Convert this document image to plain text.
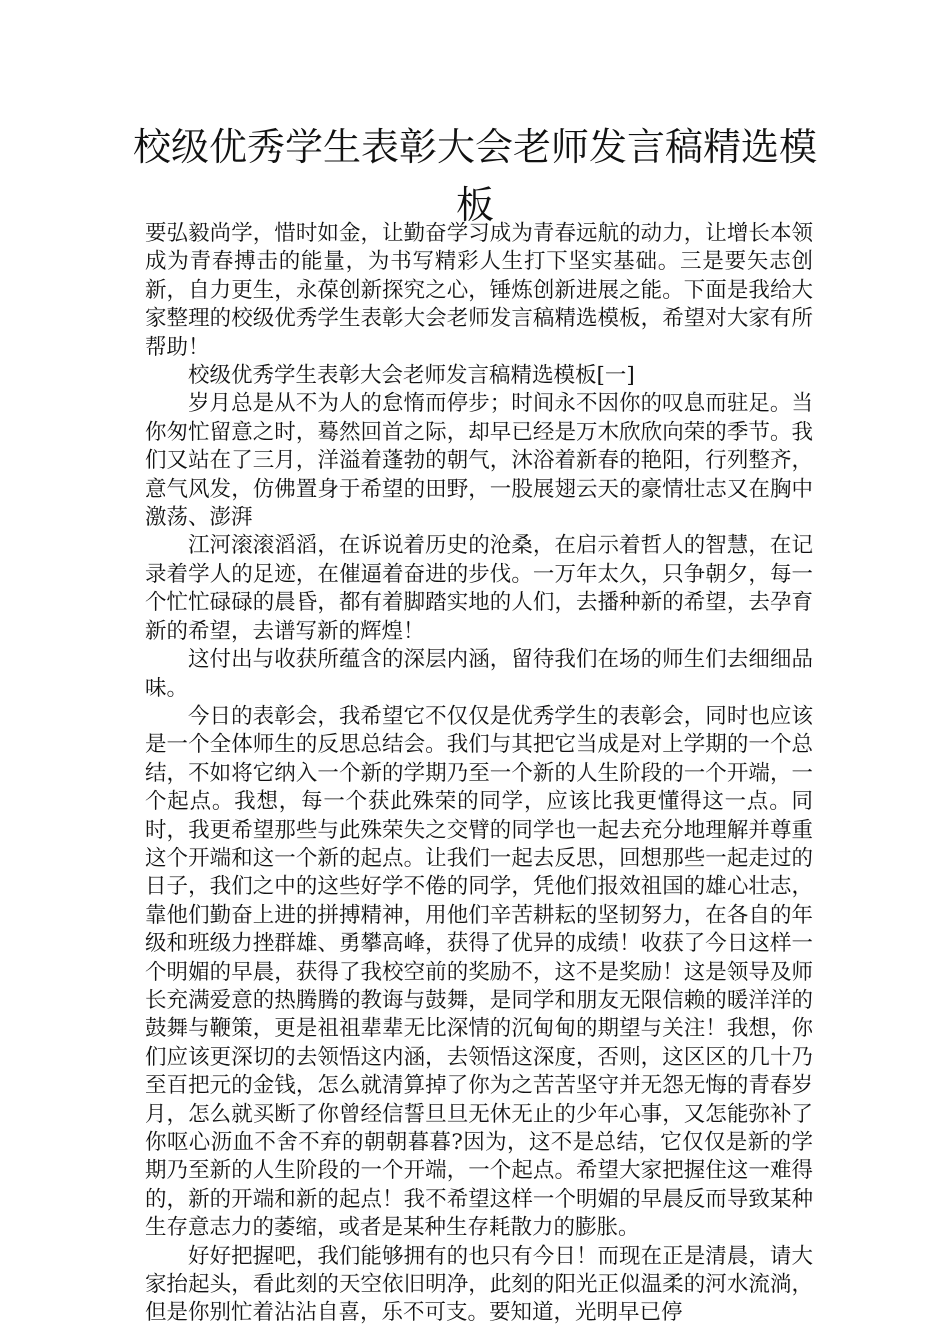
校级优秀学生表彰大会老师发言稿精选模板

要弘毅尚学，惜时如金，让勤奋学习成为青春远航的动力，让增长本领成为青春搏击的能量，为书写精彩人生打下坚实基础。三是要矢志创新，自力更生，永葆创新探究之心，锤炼创新进展之能。下面是我给大家整理的校级优秀学生表彰大会老师发言稿精选模板，希望对大家有所帮助！

校级优秀学生表彰大会老师发言稿精选模板[一]

岁月总是从不为人的怠惰而停步；时间永不因你的叹息而驻足。当你匆忙留意之时，蓦然回首之际，却早已经是万木欣欣向荣的季节。我们又站在了三月，洋溢着蓬勃的朝气，沐浴着新春的艳阳，行列整齐，意气风发，仿佛置身于希望的田野，一股展翅云天的豪情壮志又在胸中激荡、澎湃

江河滚滚滔滔，在诉说着历史的沧桑，在启示着哲人的智慧，在记录着学人的足迹，在催逼着奋进的步伐。一万年太久，只争朝夕，每一个忙忙碌碌的晨昏，都有着脚踏实地的人们，去播种新的希望，去孕育新的希望，去谱写新的辉煌！

这付出与收获所蕴含的深层内涵，留待我们在场的师生们去细细品味。

今日的表彰会，我希望它不仅仅是优秀学生的表彰会，同时也应该是一个全体师生的反思总结会。我们与其把它当成是对上学期的一个总结，不如将它纳入一个新的学期乃至一个新的人生阶段的一个开端，一个起点。我想，每一个获此殊荣的同学，应该比我更懂得这一点。同时，我更希望那些与此殊荣失之交臂的同学也一起去充分地理解并尊重这个开端和这一个新的起点。让我们一起去反思，回想那些一起走过的日子，我们之中的这些好学不倦的同学，凭他们报效祖国的雄心壮志，靠他们勤奋上进的拼搏精神，用他们辛苦耕耘的坚韧努力，在各自的年级和班级力挫群雄、勇攀高峰，获得了优异的成绩！收获了今日这样一个明媚的早晨，获得了我校空前的奖励不，这不是奖励！这是领导及师长充满爱意的热腾腾的教诲与鼓舞，是同学和朋友无限信赖的暖洋洋的鼓舞与鞭策，更是祖祖辈辈无比深情的沉甸甸的期望与关注！我想，你们应该更深切的去领悟这内涵，去领悟这深度，否则，这区区的几十乃至百把元的金钱，怎么就清算掉了你为之苦苦坚守并无怨无悔的青春岁月，怎么就买断了你曾经信誓旦旦无休无止的少年心事，又怎能弥补了你呕心沥血不舍不弃的朝朝暮暮?因为，这不是总结，它仅仅是新的学期乃至新的人生阶段的一个开端，一个起点。希望大家把握住这一难得的，新的开端和新的起点！我不希望这样一个明媚的早晨反而导致某种生存意志力的萎缩，或者是某种生存耗散力的膨胀。

好好把握吧，我们能够拥有的也只有今日！而现在正是清晨，请大家抬起头，看此刻的天空依旧明净，此刻的阳光正似温柔的河水流淌，但是你别忙着沾沾自喜，乐不可支。要知道，光明早已停
